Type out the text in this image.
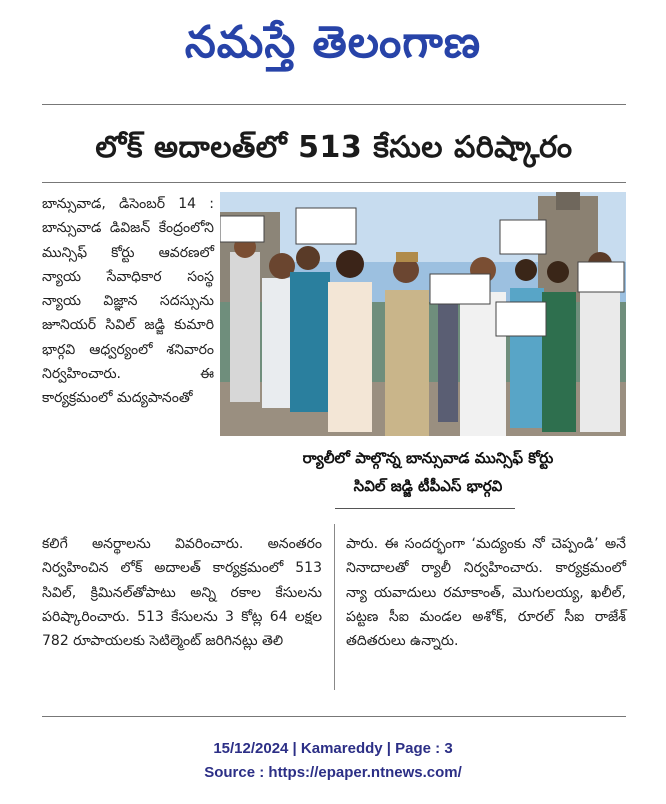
నమస్తే తెలంగాణ
లోక్ అదాలత్‌లో 513 కేసుల పరిష్కారం
బాన్సువాడ, డిసెంబర్ 14 : బాన్సువాడ డివిజన్ కేంద్రంలోని మున్సిఫ్ కోర్టు ఆవరణలో న్యాయ సేవాధికార సంస్థ న్యాయ విజ్ఞాన సదస్సును జూనియర్ సివిల్ జడ్జి కుమారి భార్గవి ఆధ్వర్యంలో శనివారం నిర్వహించారు. ఈ కార్యక్రమంలో మద్యపానంతో
ర్యాలీలో పాల్గొన్న బాన్సువాడ మున్సిఫ్ కోర్టు
సివిల్ జడ్జి టీపీఎస్ భార్గవి
కలిగే అనర్థాలను వివరించారు. అనంతరం నిర్వహించిన లోక్ అదాలత్ కార్యక్రమంలో 513 సివిల్, క్రిమినల్‌తోపాటు అన్ని రకాల కేసులను పరిష్కారించారు. 513 కేసులను 3 కోట్ల 64 లక్షల 782 రూపాయలకు సెటిల్మెంట్ జరిగినట్లు తెలి
పారు. ఈ సందర్భంగా ‘మద్యంకు నో చెప్పండి’ అనే నినాదాలతో ర్యాలీ నిర్వహించారు. కార్యక్రమంలో న్యా యవాదులు రమాకాంత్, మొగులయ్య, ఖలీల్, పట్టణ సీఐ మండల అశోక్, రూరల్ సీఐ రాజేశ్ తదితరులు ఉన్నారు.
15/12/2024 | Kamareddy | Page : 3
Source : https://epaper.ntnews.com/
